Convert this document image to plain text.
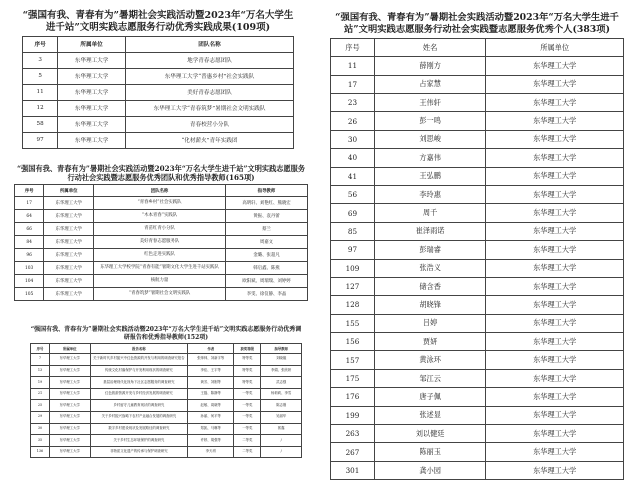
“强国有我、青春有为”暑期社会实践活动暨2023年“万名大学生进千站”文明实践志愿服务行动优秀实践成果(109项)
序号	所属单位	团队名称
3	东华理工大学	地学青春志愿团队
5	东华理工大学	东华理工大学“普惠乡村”社会实践队
11	东华理工大学	美好青春志愿团队
12	东华理工大学	东华理工大学“青春筑梦”暑期社会文明实践队
58	东华理工大学	青春校营小分队
97	东华理工大学	“化材薪火”青年实践团
“强国有我、青春有为”暑期社会实践活动暨2023年“万名大学生进千站”文明实践志愿服务行动社会实践暨志愿服务优秀团队和优秀指导教师(165项)
序号	所属单位	团队名称	指导教师
17	东华理工大学	“青春乡村”社会实践队	高明轩、刘艳红、熊晓宏
64	东华理工大学	“木本青春”实践队	黄振、袁丹蕾
66	东华理工大学	青苗红青小分队	蔡兰
84	东华理工大学	美好青春志愿服务队	周嘉文
96	东华理工大学	红色走进实践队	金璐、张超凡
103	东华理工大学	东华理工大学校学院“青春有能”暑期文化大学生进千站实践队	韩启鑫、陈燕
104	东华理工大学	核航力量	欧阳斌、周瑞瑞、刘婷婷
105	东华理工大学	“青春筑梦”暑期社会文明实践队	李雯、徐仪静、李晶
“强国有我、青春有为”暑期社会实践活动暨2023年“万名大学生进千站”文明实践志愿服务行动优秀调研报告和优秀指导教师(152项)
序号	所属单位	报告名称	作者	获奖等级	指导教师
7	东华理工大学	关于新时代乡村振兴中红色资源的开发与利用的调查研究报告	张帅帅、刘新宇等	特等奖	刘晓璇
13	东华理工大学	传统文化村落保护与开发利用现状的调查研究	李佳、王宇等	特等奖	李娟、张欣妍
19	东华理工大学	基层治理现代化视角下社区志愿服务的调查研究	黄芳、刘刚等	特等奖	武志强
21	东华理工大学	红色旅游资源开发与乡村经济发展的调查研究	王磊、陈静等	一等奖	杨莉莉、李雪
25	东华理工大学	乡村留守儿童教育现状的调查研究	赵敏、周晓等	一等奖	陈志刚
29	东华理工大学	关于乡村振兴战略下农村产业融合发展的调查研究	孙丽、何平等	一等奖	吴丽华
30	东华理工大学	数字乡村建设现状及发展路径的调查研究	郑凯、马琳等	一等奖	郭鑫
35	东华理工大学	关于乡村生态环境保护的调查研究	许婷、胡强等	二等奖	/
136	东华理工大学	非物质文化遗产的传承与保护调查研究	李天玥	二等奖	/
“强国有我、青春有为”暑期社会实践活动暨2023年“万名大学生进千站”文明实践志愿服务行动社会实践暨志愿服务优秀个人(383项)
序号	姓名	所属单位
11	薛刚方	东华理工大学
17	占家慧	东华理工大学
23	王伟轩	东华理工大学
26	彭一鸣	东华理工大学
30	刘思峻	东华理工大学
40	方嘉伟	东华理工大学
41	王弘鹏	东华理工大学
56	李玲惠	东华理工大学
69	周千	东华理工大学
85	崔泽雨诺	东华理工大学
97	彭瑞睿	东华理工大学
109	张浩义	东华理工大学
127	储含香	东华理工大学
128	胡晓锋	东华理工大学
155	吕婷	东华理工大学
156	贾妍	东华理工大学
157	黄泳环	东华理工大学
175	邹江云	东华理工大学
176	唐子佩	东华理工大学
199	张述显	东华理工大学
263	刘以健廷	东华理工大学
267	陈丽玉	东华理工大学
301	龚小园	东华理工大学
